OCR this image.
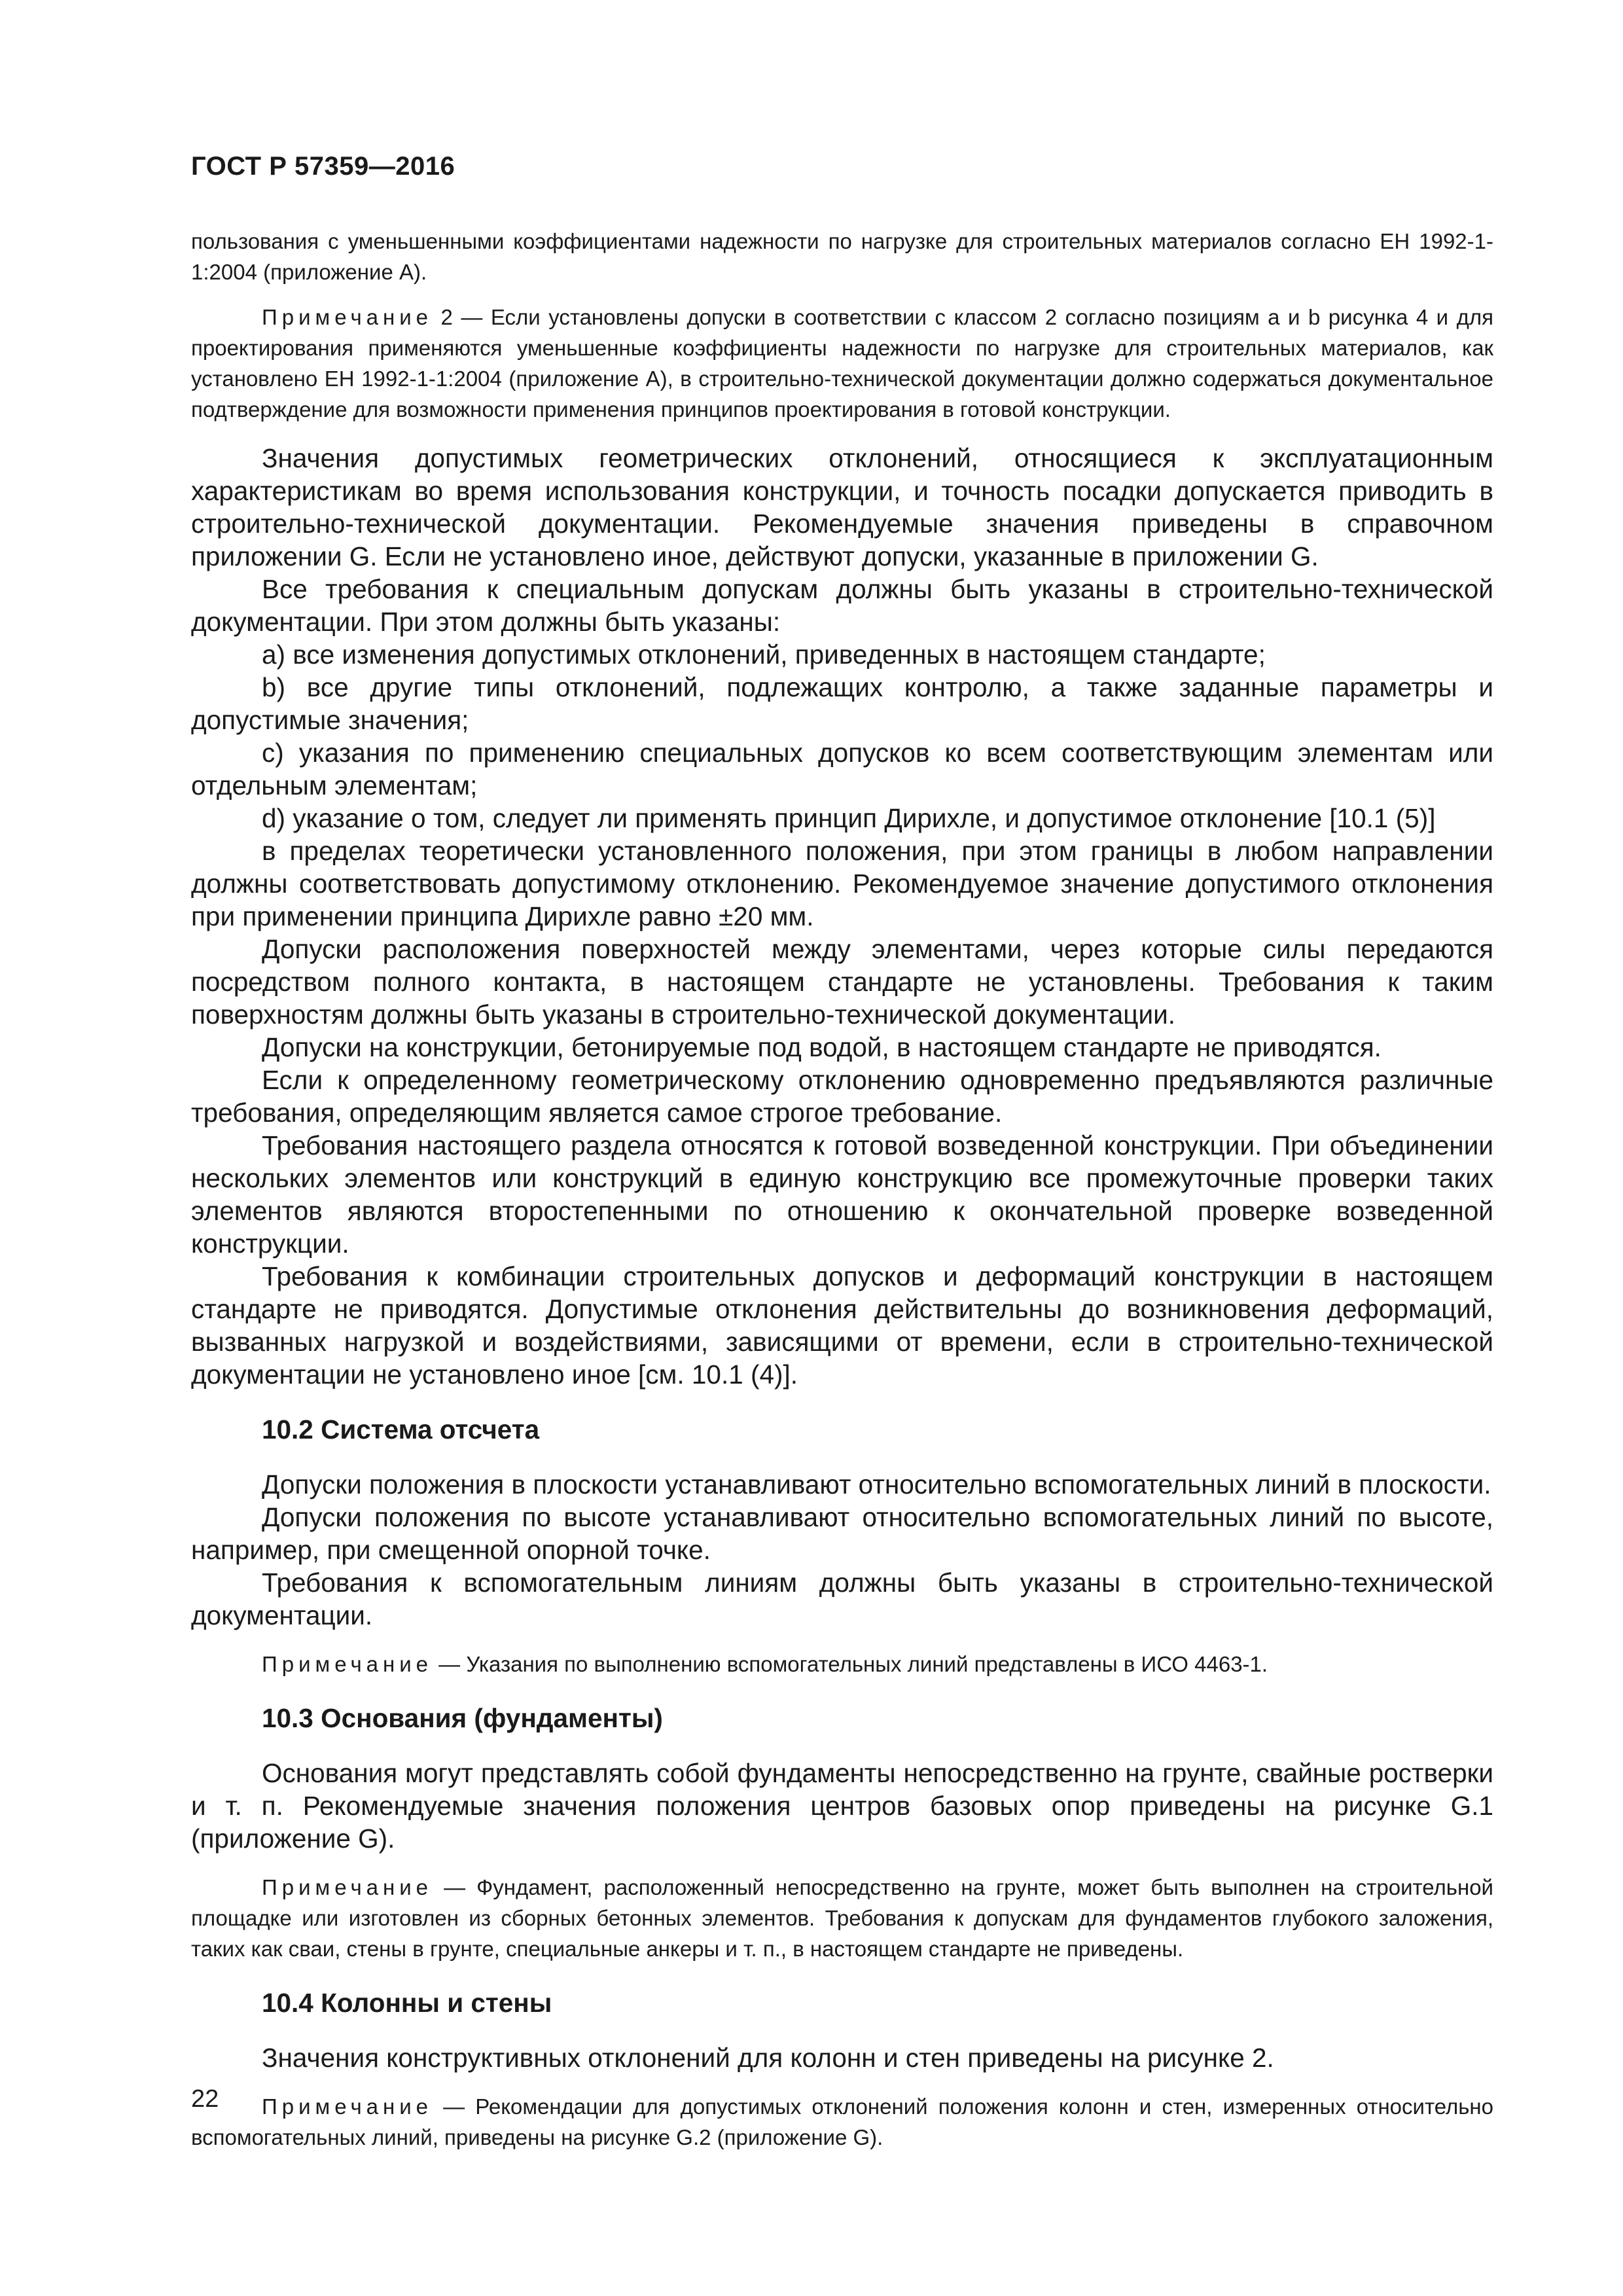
ГОСТ Р 57359—2016

пользования с уменьшенными коэффициентами надежности по нагрузке для строительных материалов согласно ЕН 1992-1-1:2004 (приложение А).

Примечание 2 — Если установлены допуски в соответствии с классом 2 согласно позициям a и b рисунка 4 и для проектирования применяются уменьшенные коэффициенты надежности по нагрузке для строительных материалов, как установлено ЕН 1992-1-1:2004 (приложение А), в строительно-технической документации должно содержаться документальное подтверждение для возможности применения принципов проектирования в готовой конструкции.

Значения допустимых геометрических отклонений, относящиеся к эксплуатационным характеристикам во время использования конструкции, и точность посадки допускается приводить в строительно-технической документации. Рекомендуемые значения приведены в справочном приложении G. Если не установлено иное, действуют допуски, указанные в приложении G.

Все требования к специальным допускам должны быть указаны в строительно-технической документации. При этом должны быть указаны:

a) все изменения допустимых отклонений, приведенных в настоящем стандарте;

b) все другие типы отклонений, подлежащих контролю, а также заданные параметры и допустимые значения;

c) указания по применению специальных допусков ко всем соответствующим элементам или отдельным элементам;

d) указание о том, следует ли применять принцип Дирихле, и допустимое отклонение [10.1 (5)]

в пределах теоретически установленного положения, при этом границы в любом направлении должны соответствовать допустимому отклонению. Рекомендуемое значение допустимого отклонения при применении принципа Дирихле равно ±20 мм.

Допуски расположения поверхностей между элементами, через которые силы передаются посредством полного контакта, в настоящем стандарте не установлены. Требования к таким поверхностям должны быть указаны в строительно-технической документации.

Допуски на конструкции, бетонируемые под водой, в настоящем стандарте не приводятся.

Если к определенному геометрическому отклонению одновременно предъявляются различные требования, определяющим является самое строгое требование.

Требования настоящего раздела относятся к готовой возведенной конструкции. При объединении нескольких элементов или конструкций в единую конструкцию все промежуточные проверки таких элементов являются второстепенными по отношению к окончательной проверке возведенной конструкции.

Требования к комбинации строительных допусков и деформаций конструкции в настоящем стандарте не приводятся. Допустимые отклонения действительны до возникновения деформаций, вызванных нагрузкой и воздействиями, зависящими от времени, если в строительно-технической документации не установлено иное [см. 10.1 (4)].

10.2 Система отсчета

Допуски положения в плоскости устанавливают относительно вспомогательных линий в плоскости.

Допуски положения по высоте устанавливают относительно вспомогательных линий по высоте, например, при смещенной опорной точке.

Требования к вспомогательным линиям должны быть указаны в строительно-технической документации.

Примечание — Указания по выполнению вспомогательных линий представлены в ИСО 4463-1.

10.3 Основания (фундаменты)

Основания могут представлять собой фундаменты непосредственно на грунте, свайные ростверки и т. п. Рекомендуемые значения положения центров базовых опор приведены на рисунке G.1 (приложение G).

Примечание — Фундамент, расположенный непосредственно на грунте, может быть выполнен на строительной площадке или изготовлен из сборных бетонных элементов. Требования к допускам для фундаментов глубокого заложения, таких как сваи, стены в грунте, специальные анкеры и т. п., в настоящем стандарте не приведены.

10.4 Колонны и стены

Значения конструктивных отклонений для колонн и стен приведены на рисунке 2.

Примечание — Рекомендации для допустимых отклонений положения колонн и стен, измеренных относительно вспомогательных линий, приведены на рисунке G.2 (приложение G).

22
